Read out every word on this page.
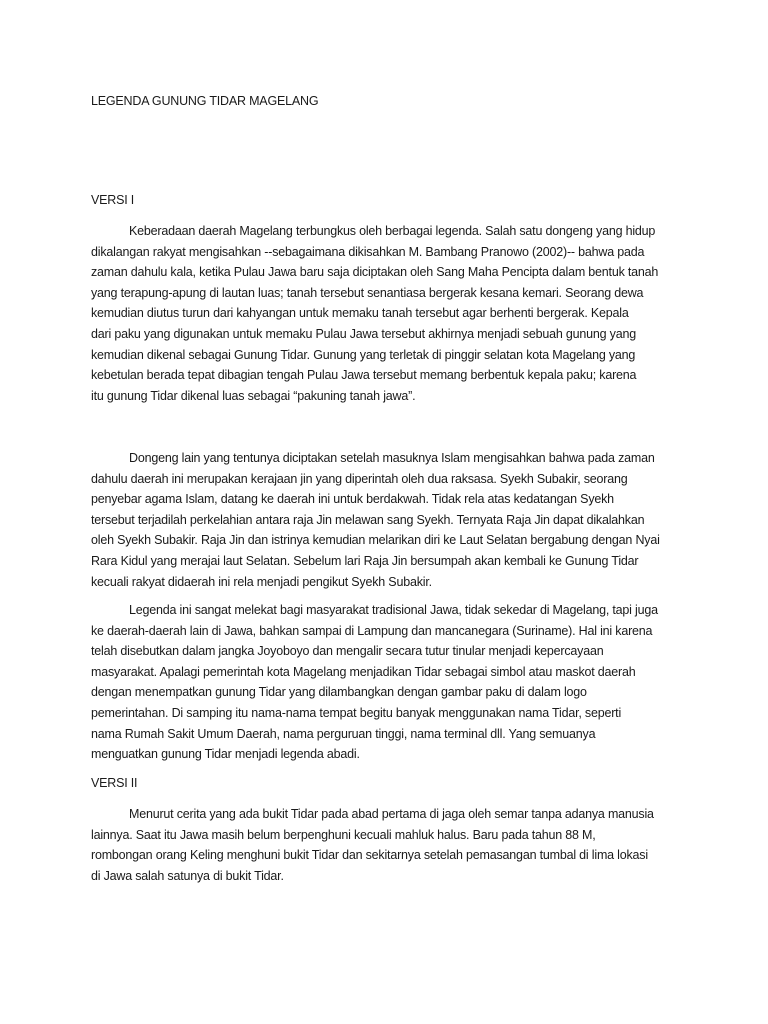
LEGENDA GUNUNG TIDAR MAGELANG
VERSI I

Keberadaan daerah Magelang terbungkus oleh berbagai legenda. Salah satu dongeng yang hidup
dikalangan rakyat mengisahkan --sebagaimana dikisahkan M. Bambang Pranowo (2002)-- bahwa pada
zaman dahulu kala, ketika Pulau Jawa baru saja diciptakan oleh Sang Maha Pencipta dalam bentuk tanah
yang terapung-apung di lautan luas; tanah tersebut senantiasa bergerak kesana kemari. Seorang dewa
kemudian diutus turun dari kahyangan untuk memaku tanah tersebut agar berhenti bergerak. Kepala
dari paku yang digunakan untuk memaku Pulau Jawa tersebut akhirnya menjadi sebuah gunung yang
kemudian dikenal sebagai Gunung Tidar. Gunung yang terletak di pinggir selatan kota Magelang yang
kebetulan berada tepat dibagian tengah Pulau Jawa tersebut memang berbentuk kepala paku; karena
itu gunung Tidar dikenal luas sebagai “pakuning tanah jawa”.

Dongeng lain yang tentunya diciptakan setelah masuknya Islam mengisahkan bahwa pada zaman
dahulu daerah ini merupakan kerajaan jin yang diperintah oleh dua raksasa. Syekh Subakir, seorang
penyebar agama Islam, datang ke daerah ini untuk berdakwah. Tidak rela atas kedatangan Syekh
tersebut terjadilah perkelahian antara raja Jin melawan sang Syekh. Ternyata Raja Jin dapat dikalahkan
oleh Syekh Subakir. Raja Jin dan istrinya kemudian melarikan diri ke Laut Selatan bergabung dengan Nyai
Rara Kidul yang merajai laut Selatan. Sebelum lari Raja Jin bersumpah akan kembali ke Gunung Tidar
kecuali rakyat didaerah ini rela menjadi pengikut Syekh Subakir.

Legenda ini sangat melekat bagi masyarakat tradisional Jawa, tidak sekedar di Magelang, tapi juga
ke daerah-daerah lain di Jawa, bahkan sampai di Lampung dan mancanegara (Suriname). Hal ini karena
telah disebutkan dalam jangka Joyoboyo dan mengalir secara tutur tinular menjadi kepercayaan
masyarakat. Apalagi pemerintah kota Magelang menjadikan Tidar sebagai simbol atau maskot daerah
dengan menempatkan gunung Tidar yang dilambangkan dengan gambar paku di dalam logo
pemerintahan. Di samping itu nama-nama tempat begitu banyak menggunakan nama Tidar, seperti
nama Rumah Sakit Umum Daerah, nama perguruan tinggi, nama terminal dll. Yang semuanya
menguatkan gunung Tidar menjadi legenda abadi.

VERSI II

Menurut cerita yang ada bukit Tidar pada abad pertama di jaga oleh semar tanpa adanya manusia
lainnya. Saat itu Jawa masih belum berpenghuni kecuali mahluk halus. Baru pada tahun 88 M,
rombongan orang Keling menghuni bukit Tidar dan sekitarnya setelah pemasangan tumbal di lima lokasi
di Jawa salah satunya di bukit Tidar.
